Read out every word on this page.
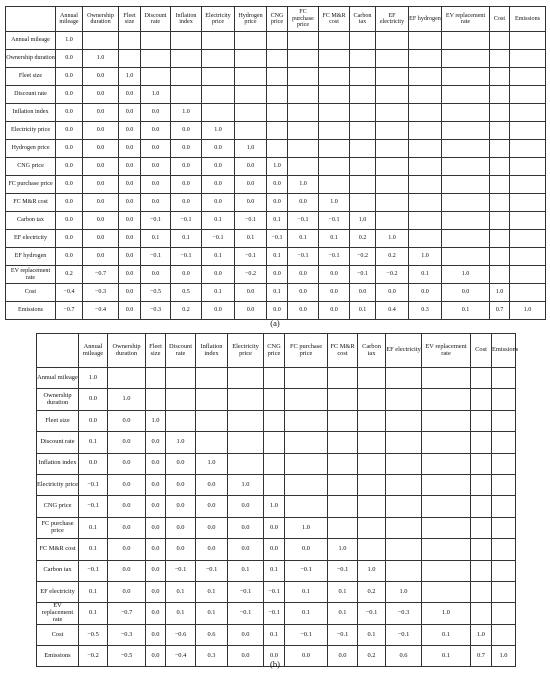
	Annual mileage	Ownership duration	Fleet size	Discount rate	Inflation index	Electricity price	Hydrogen price	CNG price	FC purchase price	FC M&R cost	Carbon tax	EF electricity	EF hydrogen	EV replacement rate	Cost	Emissions
Annual mileage	1.0															
Ownership duration	0.0	1.0														
Fleet size	0.0	0.0	1.0													
Discount rate	0.0	0.0	0.0	1.0												
Inflation index	0.0	0.0	0.0	0.0	1.0											
Electricity price	0.0	0.0	0.0	0.0	0.0	1.0										
Hydrogen price	0.0	0.0	0.0	0.0	0.0	0.0	1.0									
CNG price	0.0	0.0	0.0	0.0	0.0	0.0	0.0	1.0								
FC purchase price	0.0	0.0	0.0	0.0	0.0	0.0	0.0	0.0	1.0							
FC M&R cost	0.0	0.0	0.0	0.0	0.0	0.0	0.0	0.0	0.0	1.0						
Carbon tax	0.0	0.0	0.0	−0.1	−0.1	0.1	−0.1	0.1	−0.1	−0.1	1.0					
EF electricity	0.0	0.0	0.0	0.1	0.1	−0.1	0.1	−0.1	0.1	0.1	0.2	1.0				
EF hydrogen	0.0	0.0	0.0	−0.1	−0.1	0.1	−0.1	0.1	−0.1	−0.1	−0.2	0.2	1.0			
EV replacement rate	0.2	−0.7	0.0	0.0	0.0	0.0	−0.2	0.0	0.0	0.0	−0.1	−0.2	0.1	1.0		
Cost	−0.4	−0.3	0.0	−0.5	0.5	0.1	0.0	0.1	0.0	0.0	0.0	0.0	0.0	0.0	1.0	
Emissions	−0.7	−0.4	0.0	−0.3	0.2	0.0	0.0	0.0	0.0	0.0	0.1	0.4	0.3	0.1	0.7	1.0
(a)
	Annual mileage	Ownership duration	Fleet size	Discount rate	Inflation index	Electricity price	CNG price	FC purchase price	FC M&R cost	Carbon tax	EF electricity	EV replacement rate	Cost	Emissions
Annual mileage	1.0													
Ownership duration	0.0	1.0												
Fleet size	0.0	0.0	1.0											
Discount rate	0.1	0.0	0.0	1.0										
Inflation index	0.0	0.0	0.0	0.0	1.0									
Electricity price	−0.1	0.0	0.0	0.0	0.0	1.0								
CNG price	−0.1	0.0	0.0	0.0	0.0	0.0	1.0							
FC purchase price	0.1	0.0	0.0	0.0	0.0	0.0	0.0	1.0						
FC M&R cost	0.1	0.0	0.0	0.0	0.0	0.0	0.0	0.0	1.0					
Carbon tax	−0.1	0.0	0.0	−0.1	−0.1	0.1	0.1	−0.1	−0.1	1.0				
EF electricity	0.1	0.0	0.0	0.1	0.1	−0.1	−0.1	0.1	0.1	0.2	1.0			
EV replacement rate	0.1	−0.7	0.0	0.1	0.1	−0.1	−0.1	0.1	0.1	−0.1	−0.3	1.0		
Cost	−0.5	−0.3	0.0	−0.6	0.6	0.0	0.1	−0.1	−0.1	0.1	−0.1	0.1	1.0	
Emissions	−0.2	−0.5	0.0	−0.4	0.3	0.0	0.0	0.0	0.0	0.2	0.6	0.1	0.7	1.0
(b)
